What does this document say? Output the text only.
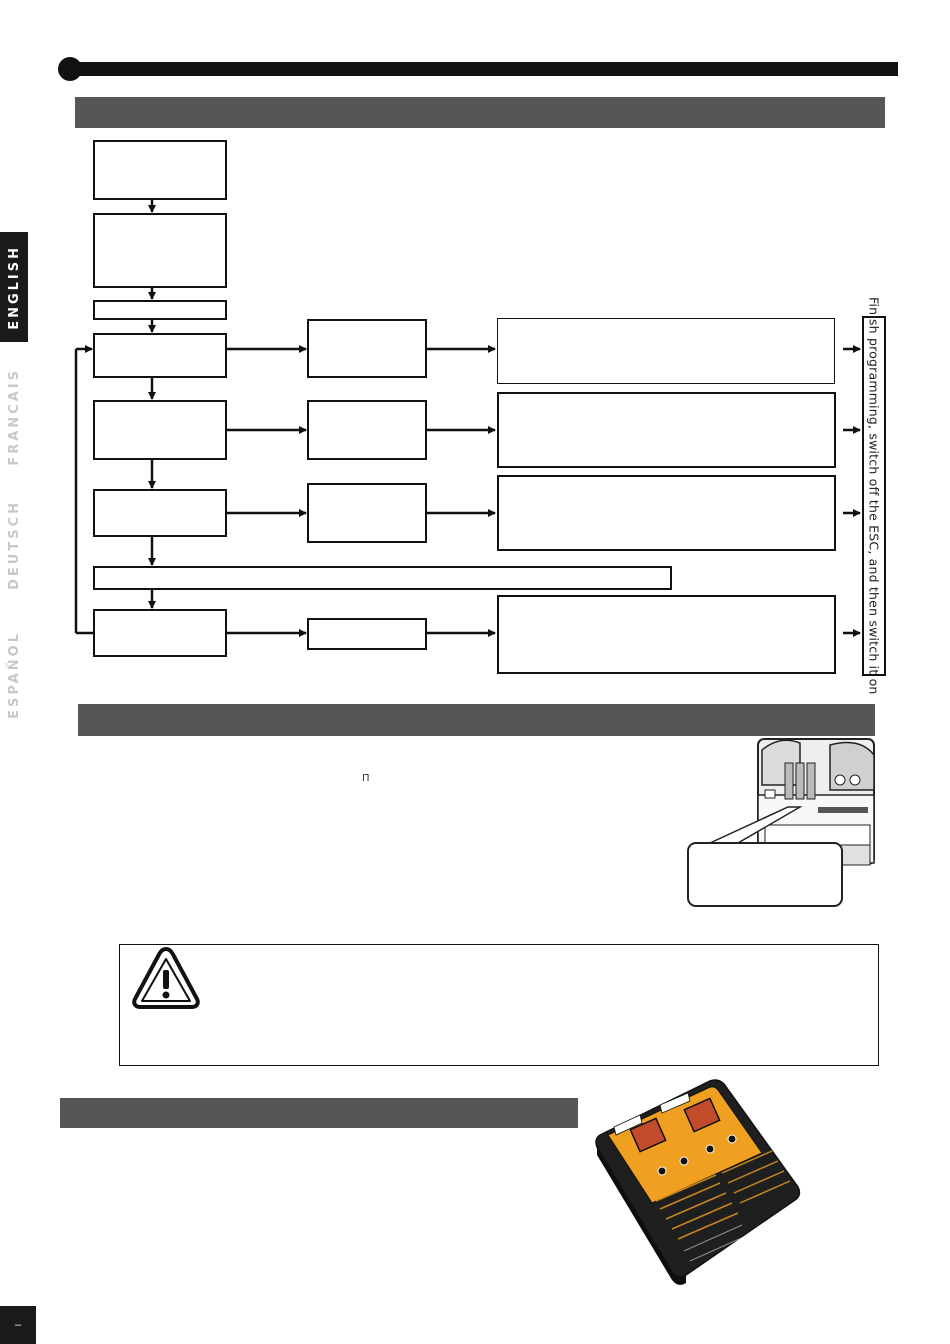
ENGLISH
FRANCAIS
DEUTSCH
ESPAÑOL	Finish programming, switch off the ESC, and then switch it on
Π
–
